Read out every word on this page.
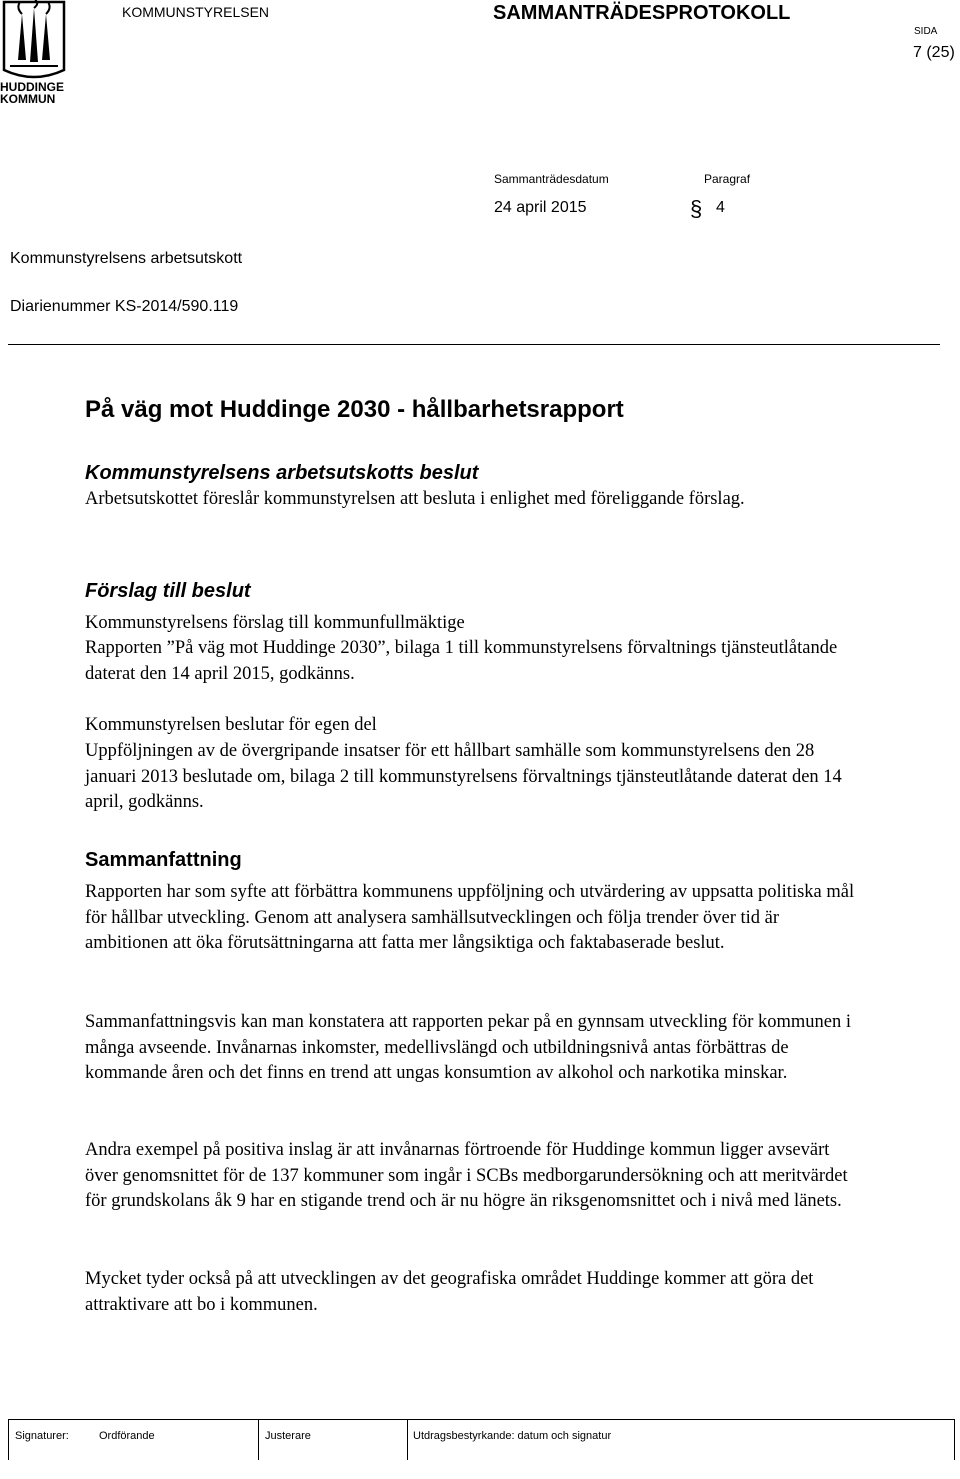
HUDDINGE
KOMMUN
KOMMUNSTYRELSEN	SAMMANTRÄDESPROTOKOLL
SIDA
7 (25)
Sammanträdesdatum	Paragraf
24 april 2015	§ 4
Kommunstyrelsens arbetsutskott
Diarienummer KS-2014/590.119
På väg mot Huddinge 2030 - hållbarhetsrapport
Kommunstyrelsens arbetsutskotts beslut

Arbetsutskottet föreslår kommunstyrelsen att besluta i enlighet med föreliggande förslag.

Förslag till beslut

Kommunstyrelsens förslag till kommunfullmäktige

Rapporten ”På väg mot Huddinge 2030”, bilaga 1 till kommunstyrelsens förvaltnings tjänsteutlåtande daterat den 14 april 2015, godkänns.

Kommunstyrelsen beslutar för egen del

Uppföljningen av de övergripande insatser för ett hållbart samhälle som kommunstyrelsens den 28 januari 2013 beslutade om, bilaga 2 till kommunstyrelsens förvaltnings tjänsteutlåtande daterat den 14 april, godkänns.

Sammanfattning

Rapporten har som syfte att förbättra kommunens uppföljning och utvärdering av uppsatta politiska mål för hållbar utveckling. Genom att analysera samhällsutvecklingen och följa trender över tid är ambitionen att öka förutsättningarna att fatta mer långsiktiga och faktabaserade beslut.

Sammanfattningsvis kan man konstatera att rapporten pekar på en gynnsam utveckling för kommunen i många avseende. Invånarnas inkomster, medellivslängd och utbildningsnivå antas förbättras de kommande åren och det finns en trend att ungas konsumtion av alkohol och narkotika minskar.

Andra exempel på positiva inslag är att invånarnas förtroende för Huddinge kommun ligger avsevärt över genomsnittet för de 137 kommuner som ingår i SCBs medborgarundersökning och att meritvärdet för grundskolans åk 9 har en stigande trend och är nu högre än riksgenomsnittet och i nivå med länets.

Mycket tyder också på att utvecklingen av det geografiska området Huddinge kommer att göra det attraktivare att bo i kommunen.

Signaturer:	Ordförande	Justerare	Utdragsbestyrkande: datum och signatur
